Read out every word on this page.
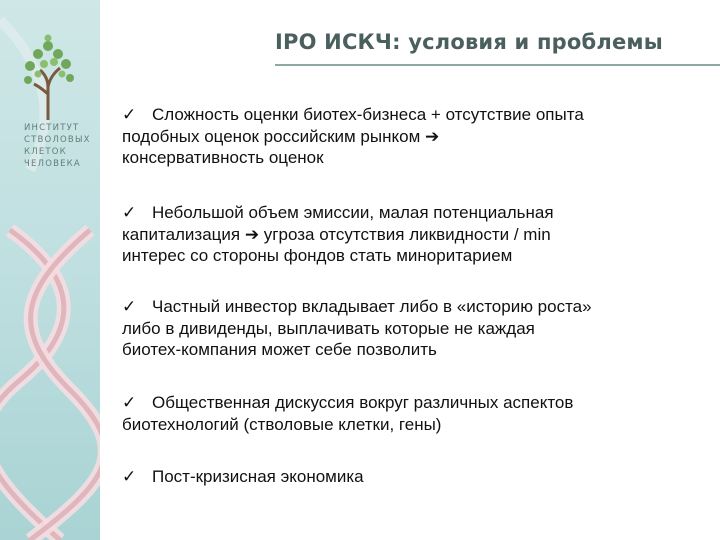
ИНСТИТУТ
СТВОЛОВЫХ
КЛЕТОК
ЧЕЛОВЕКА
IPO ИСКЧ: условия и проблемы
✓ Сложность оценки биотех-бизнеса + отсутствие опыта
подобных оценок российским рынком ➔
консервативность оценок
✓ Небольшой объем эмиссии, малая потенциальная
капитализация ➔ угроза отсутствия ликвидности / min
интерес со стороны фондов стать миноритарием
✓ Частный инвестор вкладывает либо в «историю роста»
либо в дивиденды, выплачивать которые не каждая
биотех-компания может себе позволить
✓ Общественная дискуссия вокруг различных аспектов
биотехнологий (стволовые клетки, гены)
✓ Пост-кризисная экономика
